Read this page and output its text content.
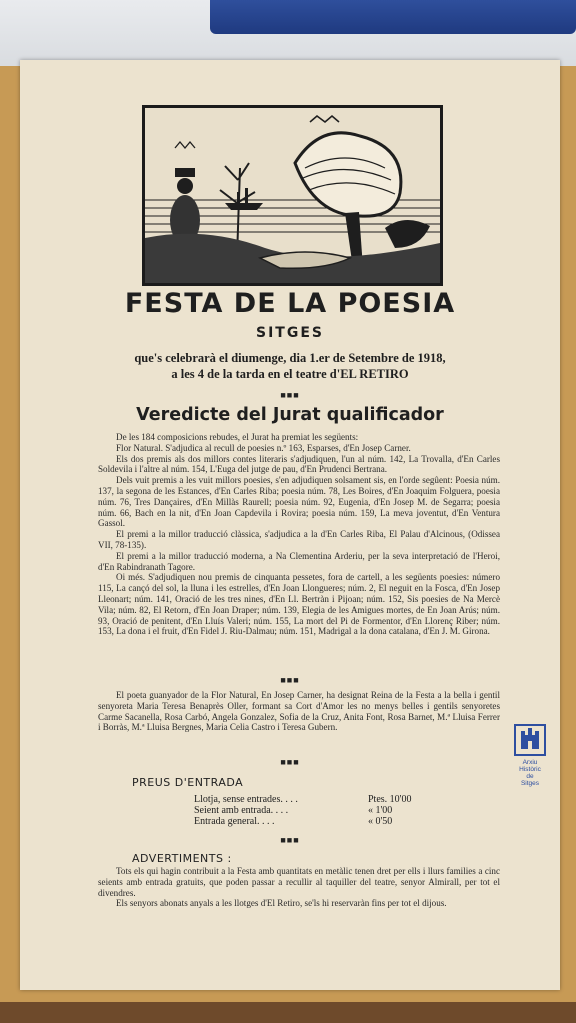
FESTA DE LA POESIA
SITGES
que's celebrarà el diumenge, dia 1.er de Setembre de 1918,
a les 4 de la tarda en el teatre d'EL RETIRO
■■■
Veredicte del Jurat qualificador
De les 184 composicions rebudes, el Jurat ha premiat les següents:
Flor Natural. S'adjudica al recull de poesies n.º 163, Esparses, d'En Josep Carner.
Els dos premis als dos millors contes literaris s'adjudiquen, l'un al núm. 142, La Trovalla, d'En Carles Soldevila i l'altre al núm. 154, L'Euga del jutge de pau, d'En Prudenci Bertrana.
Dels vuit premis a les vuit millors poesies, s'en adjudiquen solsament sis, en l'orde segûent: Poesia núm. 137, la segona de les Estances, d'En Carles Riba; poesia núm. 78, Les Boires, d'En Joaquim Folguera, poesia núm. 76, Tres Dançaires, d'En Millàs Raurell; poesia núm. 92, Eugenia, d'En Josep M. de Segarra; poesia núm. 66, Bach en la nit, d'En Joan Capdevila i Rovira; poesia núm. 159, La meva joventut, d'En Ventura Gassol.
El premi a la millor traducció clàssica, s'adjudica a la d'En Carles Riba, El Palau d'Alcinous, (Odissea VII, 78-135).
El premi a la millor traducció moderna, a Na Clementina Arderiu, per la seva interpretació de l'Heroi, d'En Rabindranath Tagore.
Oi més. S'adjudiquen nou premis de cinquanta pessetes, fora de cartell, a les següents poesies: número 115, La cançó del sol, la lluna i les estrelles, d'En Joan Llongueres; núm. 2, El neguit en la Fosca, d'En Josep Lleonart; núm. 141, Oració de les tres nines, d'En Ll. Bertràn i Pijoan; núm. 152, Sis poesies de Na Mercè Vila; núm. 82, El Retorn, d'En Joan Draper; núm. 139, Elegia de les Amigues mortes, de En Joan Arús; núm. 93, Oració de penitent, d'En Lluís Valeri; núm. 155, La mort del Pi de Formentor, d'En Llorenç Riber; núm. 153, La dona i el fruit, d'En Fidel J. Riu-Dalmau; núm. 151, Madrigal a la dona catalana, d'En J. M. Girona.
■■■
El poeta guanyador de la Flor Natural, En Josep Carner, ha designat Reina de la Festa a la bella i gentil senyoreta Maria Teresa Benaprès Oller, formant sa Cort d'Amor les no menys belles i gentils senyoretes Carme Sacanella, Rosa Carbó, Angela Gonzalez, Sofia de la Cruz, Anita Font, Rosa Barnet, M.ª Lluisa Ferrer i Borràs, M.ª Lluisa Bergnes, Maria Celia Castro i Teresa Gubern.
■■■
PREUS D'ENTRADA
Llotja, sense entrades. . . .	Ptes. 10'00
Seient amb entrada. . . .	« 1'00
Entrada general. . . .	« 0'50
■■■
ADVERTIMENTS :
Tots els qui hagin contribuit a la Festa amb quantitats en metàlic tenen dret per ells i llurs families a cinc seients amb entrada gratuits, que poden passar a recullir al taquiller del teatre, senyor Almirall, per tot el divendres.
Els senyors abonats anyals a les llotges d'El Retiro, se'ls hi reservaràn fins per tot el dijous.
Arxiu
Històric
de
Sitges
